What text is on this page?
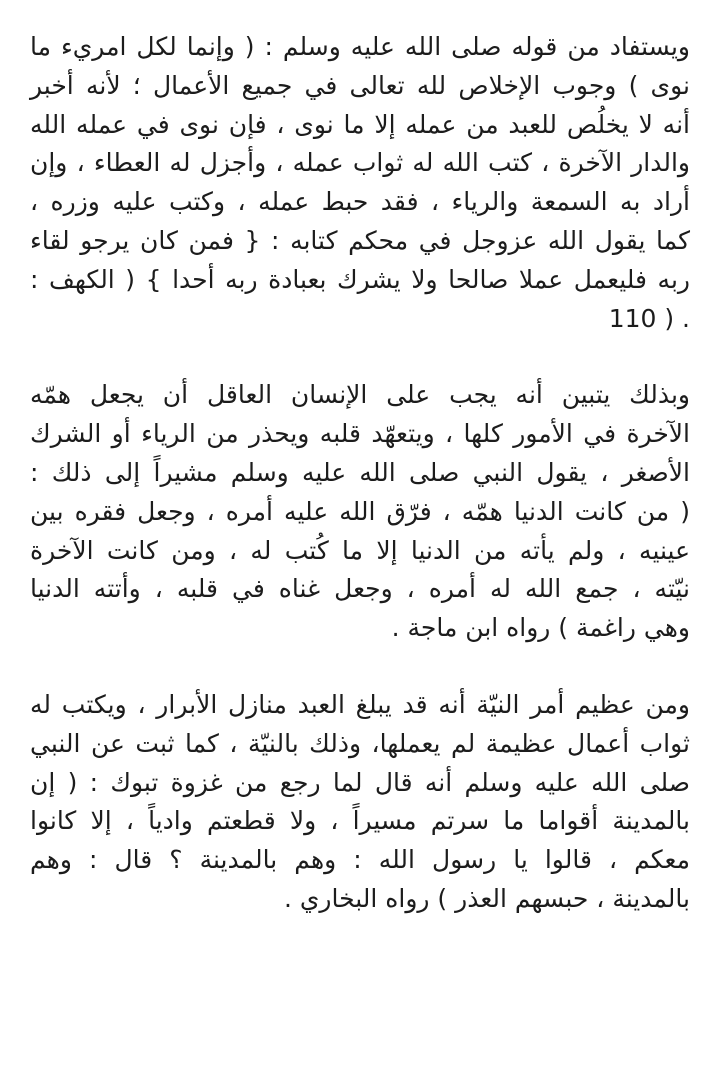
ويستفاد من قوله صلى الله عليه وسلم : ( وإنما لكل امريء ما
نوى ) وجوب الإخلاص لله تعالى في جميع الأعمال ؛ لأنه أخبر
أنه لا يخلُص للعبد من عمله إلا ما نوى ، فإن نوى في عمله الله
والدار الآخرة ، كتب الله له ثواب عمله ، وأجزل له العطاء ، وإن
أراد به السمعة والرياء ، فقد حبط عمله ، وكتب عليه وزره ،
كما يقول الله عزوجل في محكم كتابه : { فمن كان يرجو لقاء
ربه فليعمل عملا صالحا ولا يشرك بعبادة ربه أحدا } ( الكهف :
110 ) .
وبذلك يتبين أنه يجب على الإنسان العاقل أن يجعل همّه
الآخرة في الأمور كلها ، ويتعهّد قلبه ويحذر من الرياء أو الشرك
الأصغر ، يقول النبي صلى الله عليه وسلم مشيراً إلى ذلك :
( من كانت الدنيا همّه ، فرّق الله عليه أمره ، وجعل فقره بين
عينيه ، ولم يأته من الدنيا إلا ما كُتب له ، ومن كانت الآخرة
نيّته ، جمع الله له أمره ، وجعل غناه في قلبه ، وأتته الدنيا
وهي راغمة ) رواه ابن ماجة .
ومن عظيم أمر النيّة أنه قد يبلغ العبد منازل الأبرار ، ويكتب له
ثواب أعمال عظيمة لم يعملها، وذلك بالنيّة ، كما ثبت عن النبي
صلى الله عليه وسلم أنه قال لما رجع من غزوة تبوك : ( إن
بالمدينة أقواما ما سرتم مسيراً ، ولا قطعتم وادياً ، إلا كانوا
معكم ، قالوا يا رسول الله : وهم بالمدينة ؟ قال : وهم
بالمدينة ، حبسهم العذر ) رواه البخاري .
